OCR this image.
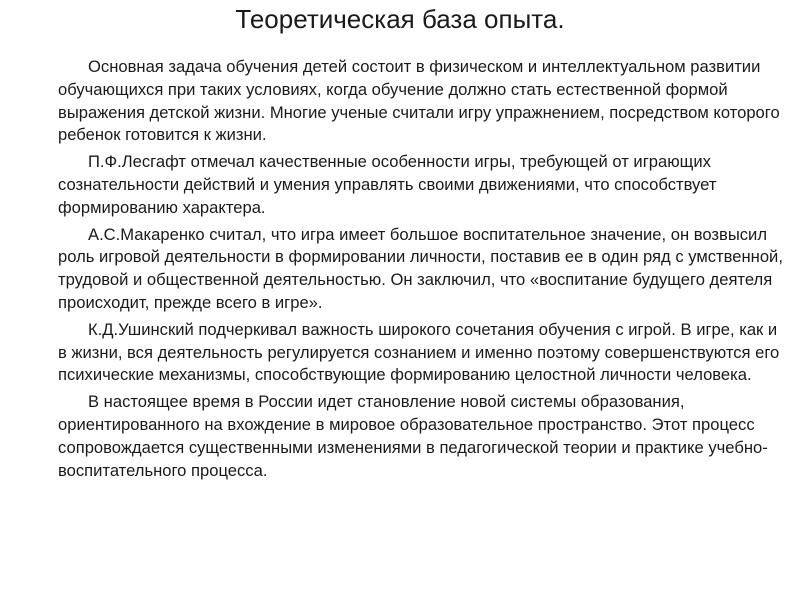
Теоретическая база опыта.

Основная задача обучения детей состоит в физическом и интеллектуальном развитии обучающихся при таких условиях, когда обучение должно стать естественной формой выражения детской жизни. Многие ученые считали игру упражнением, посредством которого ребенок готовится к жизни.

П.Ф.Лесгафт отмечал качественные особенности игры, требующей от играющих сознательности действий и умения управлять своими движениями, что способствует формированию характера.

А.С.Макаренко считал, что игра имеет большое воспитательное значение, он возвысил роль игровой деятельности в формировании личности, поставив ее в один ряд с умственной, трудовой и общественной деятельностью. Он заключил, что «воспитание будущего деятеля происходит, прежде всего в игре».

К.Д.Ушинский подчеркивал важность широкого сочетания обучения с игрой. В игре, как и в жизни, вся деятельность регулируется сознанием и именно поэтому совершенствуются его психические механизмы, способствующие формированию целостной личности человека.

В настоящее время в России идет становление новой системы образования, ориентированного на вхождение в мировое образовательное пространство. Этот процесс сопровождается существенными изменениями в педагогической теории и практике учебно-воспитательного процесса.
